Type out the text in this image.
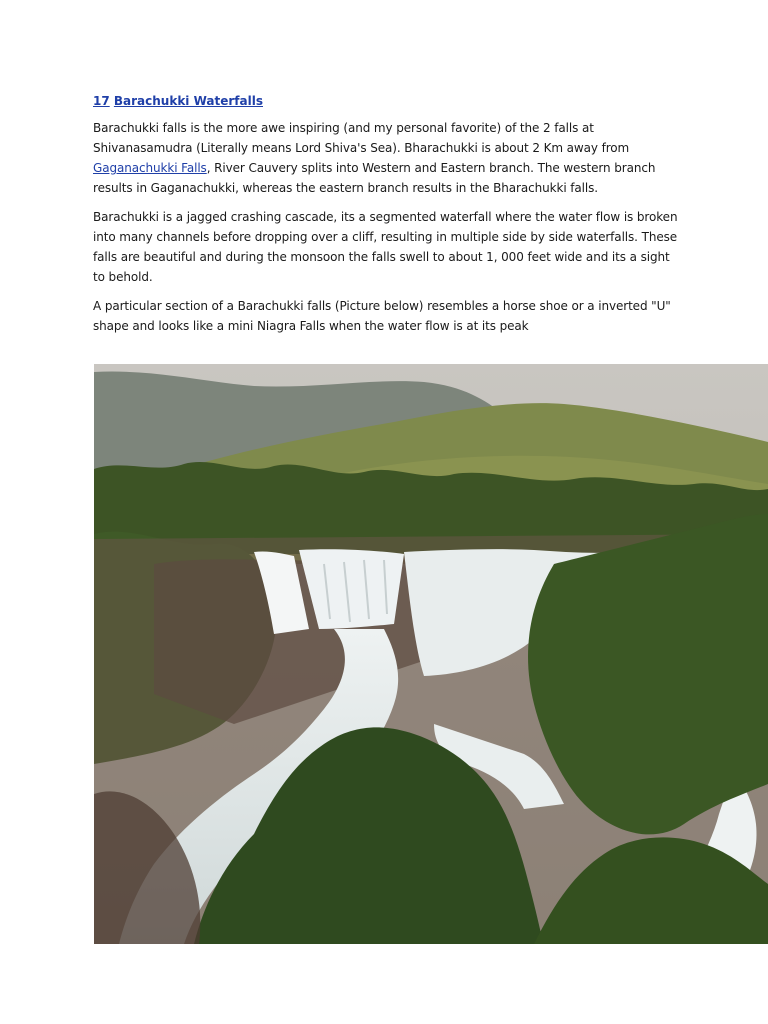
17 Barachukki Waterfalls

Barachukki falls is the more awe inspiring (and my personal favorite) of the 2 falls at Shivanasamudra (Literally means Lord Shiva's Sea). Bharachukki is about 2 Km away from Gaganachukki Falls, River Cauvery splits into Western and Eastern branch. The western branch results in Gaganachukki, whereas the eastern branch results in the Bharachukki falls.

Barachukki is a jagged crashing cascade, its a segmented waterfall where the water flow is broken into many channels before dropping over a cliff, resulting in multiple side by side waterfalls. These falls are beautiful and during the monsoon the falls swell to about 1, 000 feet wide and its a sight to behold.

A particular section of a Barachukki falls (Picture below) resembles a horse shoe or a inverted "U" shape and looks like a mini Niagra Falls when the water flow is at its peak
